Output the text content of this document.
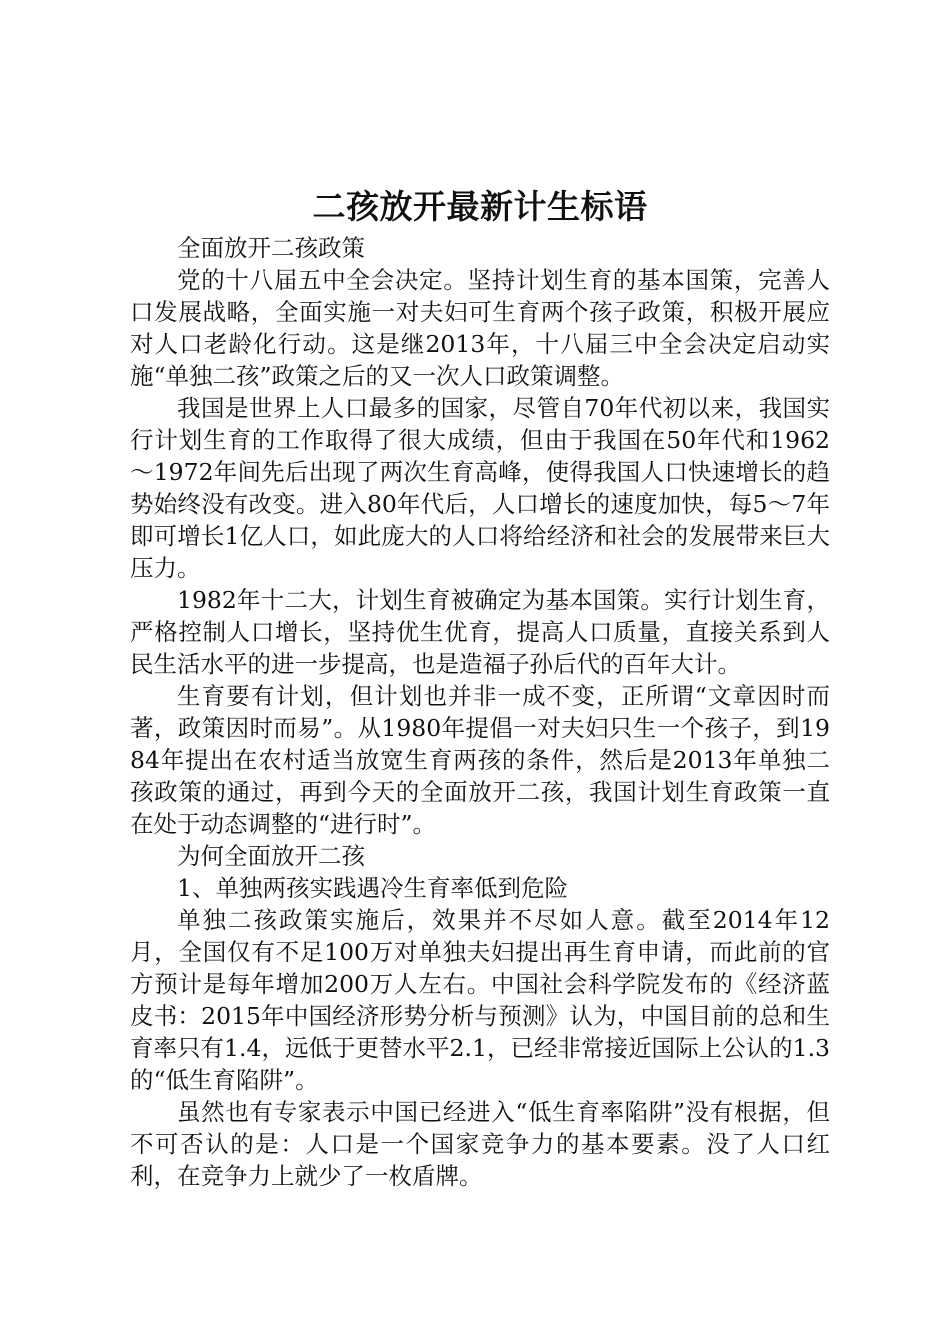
二孩放开最新计生标语

全面放开二孩政策

党的十八届五中全会决定。坚持计划生育的基本国策，完善人口发展战略，全面实施一对夫妇可生育两个孩子政策，积极开展应对人口老龄化行动。这是继2013年，十八届三中全会决定启动实施“单独二孩”政策之后的又一次人口政策调整。

我国是世界上人口最多的国家，尽管自70年代初以来，我国实行计划生育的工作取得了很大成绩，但由于我国在50年代和1962～1972年间先后出现了两次生育高峰，使得我国人口快速增长的趋势始终没有改变。进入80年代后，人口增长的速度加快，每5～7年即可增长1亿人口，如此庞大的人口将给经济和社会的发展带来巨大压力。

1982年十二大，计划生育被确定为基本国策。实行计划生育，严格控制人口增长，坚持优生优育，提高人口质量，直接关系到人民生活水平的进一步提高，也是造福子孙后代的百年大计。

生育要有计划，但计划也并非一成不变，正所谓“文章因时而著，政策因时而易”。从1980年提倡一对夫妇只生一个孩子，到1984年提出在农村适当放宽生育两孩的条件，然后是2013年单独二孩政策的通过，再到今天的全面放开二孩，我国计划生育政策一直在处于动态调整的“进行时”。

为何全面放开二孩

1、单独两孩实践遇冷生育率低到危险

单独二孩政策实施后，效果并不尽如人意。截至2014年12月，全国仅有不足100万对单独夫妇提出再生育申请，而此前的官方预计是每年增加200万人左右。中国社会科学院发布的《经济蓝皮书：2015年中国经济形势分析与预测》认为，中国目前的总和生育率只有1.4，远低于更替水平2.1，已经非常接近国际上公认的1.3的“低生育陷阱”。

虽然也有专家表示中国已经进入“低生育率陷阱”没有根据，但不可否认的是：人口是一个国家竞争力的基本要素。没了人口红利，在竞争力上就少了一枚盾牌。
